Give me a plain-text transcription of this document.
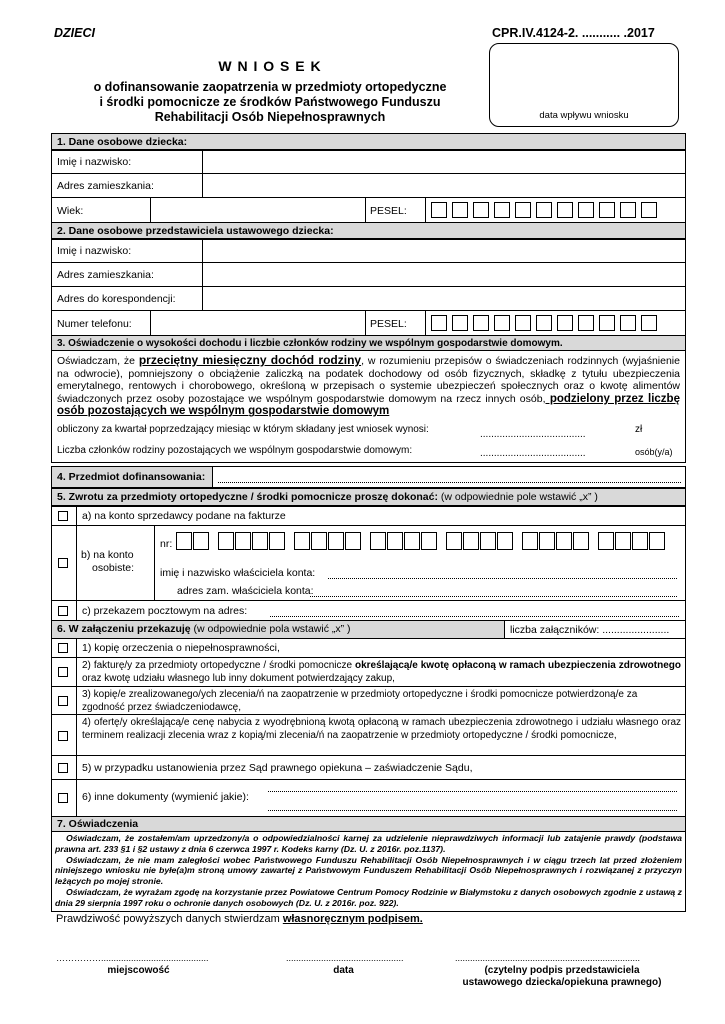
DZIECI	CPR.IV.4124-2. ........... .2017
W N I O S E K
o dofinansowanie zaopatrzenia w przedmioty ortopedyczne
i środki pomocnicze ze środków Państwowego Funduszu
Rehabilitacji Osób Niepełnosprawnych	data wpływu wniosku
1. Dane osobowe dziecka:
Imię i nazwisko:
Adres zamieszkania:
Wiek:	PESEL:
2. Dane osobowe przedstawiciela ustawowego dziecka:
Imię i nazwisko:
Adres zamieszkania:
Adres do korespondencji:
Numer telefonu:	PESEL:
3. Oświadczenie o wysokości dochodu i liczbie członków rodziny we wspólnym gospodarstwie domowym.

Oświadczam, że przeciętny miesięczny dochód rodziny, w rozumieniu przepisów o świadczeniach rodzinnych (wyjaśnienie na odwrocie), pomniejszony o obciążenie zaliczką na podatek dochodowy od osób fizycznych, składkę z tytułu ubezpieczenia emerytalnego, rentowych i chorobowego, określoną w przepisach o systemie ubezpieczeń społecznych oraz o kwotę alimentów świadczonych przez osoby pozostające we wspólnym gospodarstwie domowym na rzecz innych osób, podzielony przez liczbę osób pozostających we wspólnym gospodarstwie domowym

obliczony za kwartał poprzedzający miesiąc w którym składany jest wniosek wynosi:	......................................	zł
Liczba członków rodziny pozostających we wspólnym gospodarstwie domowym:	......................................	osób(y/a)
4. Przedmiot dofinansowania:
5. Zwrotu za przedmioty ortopedyczne / środki pomocnicze proszę dokonać: (w odpowiednie pole wstawić „x” )
a) na konto sprzedawcy podane na fakturze
b) na konto
osobiste:
nr:
imię i nazwisko właściciela konta:
adres zam. właściciela konta:
c) przekazem pocztowym na adres:
6. W załączeniu przekazuję (w odpowiednie pola wstawić „x” )	liczba załączników: .......................
1) kopię orzeczenia o niepełnosprawności,

2) fakturę/y za przedmioty ortopedyczne / środki pomocnicze określającą/e kwotę opłaconą w ramach ubezpieczenia zdrowotnego oraz kwotę udziału własnego lub inny dokument potwierdzający zakup,

3) kopię/e zrealizowanego/ych zlecenia/ń na zaopatrzenie w przedmioty ortopedyczne i środki pomocnicze potwierdzoną/e za zgodność przez świadczeniodawcę,

4) ofertę/y określającą/e cenę nabycia z wyodrębnioną kwotą opłaconą w ramach ubezpieczenia zdrowotnego i udziału własnego oraz terminem realizacji zlecenia wraz z kopią/mi zlecenia/ń na zaopatrzenie w przedmioty ortopedyczne / środki pomocnicze,

5) w przypadku ustanowienia przez Sąd prawnego opiekuna – zaświadczenie Sądu,
6) inne dokumenty (wymienić jakie):
7. Oświadczenia

Oświadczam, że zostałem/am uprzedzony/a o odpowiedzialności karnej za udzielenie nieprawdziwych informacji lub zatajenie prawdy (podstawa prawna art. 233 §1 i §2 ustawy z dnia 6 czerwca 1997 r. Kodeks karny (Dz. U. z 2016r. poz.1137).

Oświadczam, że nie mam zaległości wobec Państwowego Funduszu Rehabilitacji Osób Niepełnosprawnych i w ciągu trzech lat przed złożeniem niniejszego wniosku nie byłe(a)m stroną umowy zawartej z Państwowym Funduszem Rehabilitacji Osób Niepełnosprawnych i rozwiązanej z przyczyn leżących po mojej stronie.

Oświadczam, że wyrażam zgodę na korzystanie przez Powiatowe Centrum Pomocy Rodzinie w Białymstoku z danych osobowych zgodnie z ustawą z dnia 29 sierpnia 1997 roku o ochronie danych osobowych (Dz. U. z 2016r. poz. 922).

Prawdziwość powyższych danych stwierdzam własnoręcznym podpisem.
……………...........................................	...............................................	..........................................................................
miejscowość	data	(czytelny podpis przedstawiciela
ustawowego dziecka/opiekuna prawnego)
